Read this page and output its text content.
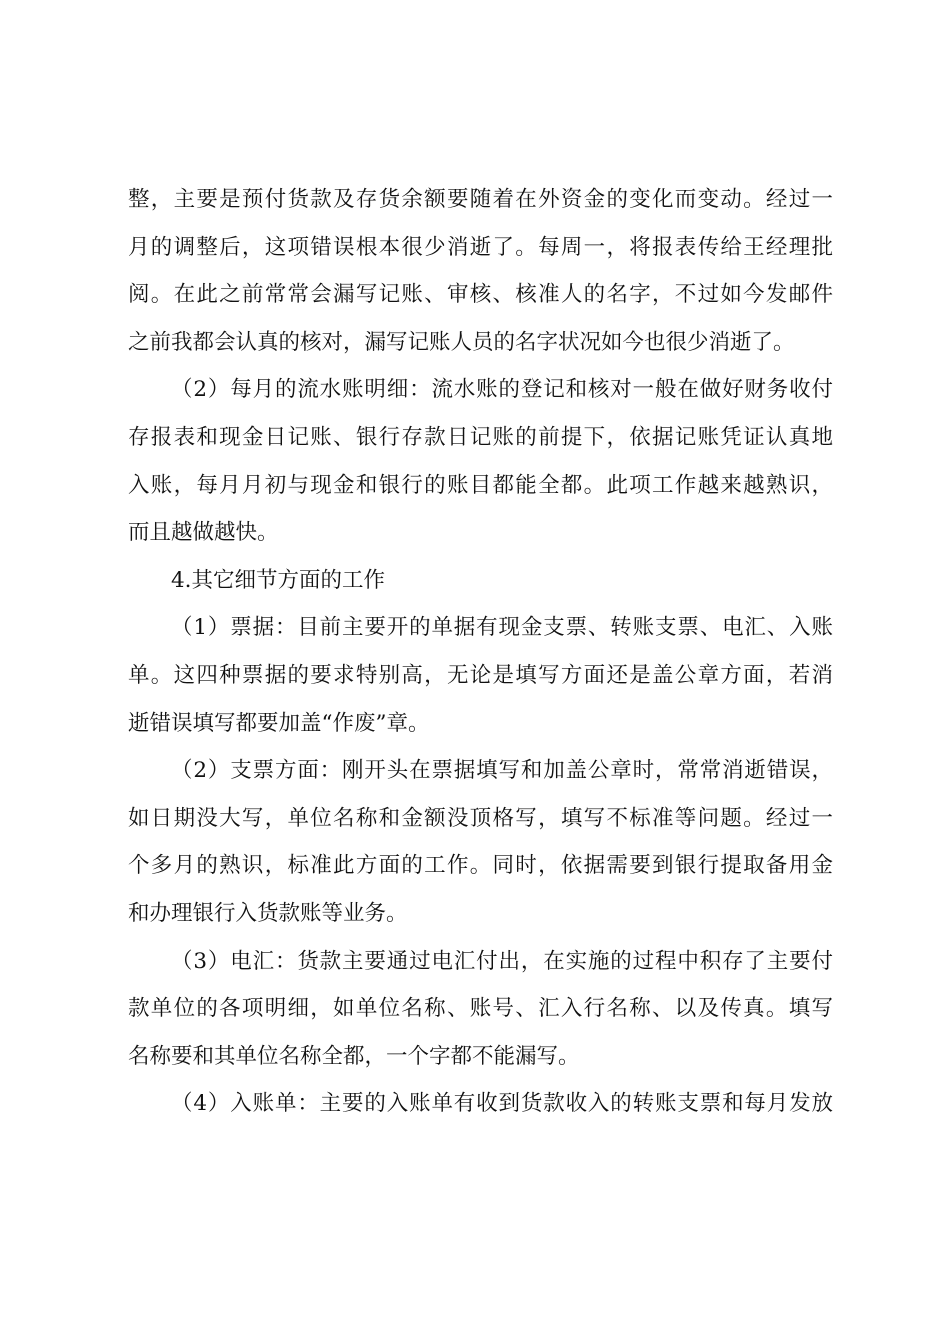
整，主要是预付货款及存货余额要随着在外资金的变化而变动。经过一
月的调整后，这项错误根本很少消逝了。每周一，将报表传给王经理批
阅。在此之前常常会漏写记账、审核、核准人的名字，不过如今发邮件
之前我都会认真的核对，漏写记账人员的名字状况如今也很少消逝了。
（2）每月的流水账明细：流水账的登记和核对一般在做好财务收付
存报表和现金日记账、银行存款日记账的前提下，依据记账凭证认真地
入账，每月月初与现金和银行的账目都能全都。此项工作越来越熟识，
而且越做越快。
4.其它细节方面的工作
（1）票据：目前主要开的单据有现金支票、转账支票、电汇、入账
单。这四种票据的要求特别高，无论是填写方面还是盖公章方面，若消
逝错误填写都要加盖“作废”章。
（2）支票方面：刚开头在票据填写和加盖公章时，常常消逝错误，
如日期没大写，单位名称和金额没顶格写，填写不标准等问题。经过一
个多月的熟识，标准此方面的工作。同时，依据需要到银行提取备用金
和办理银行入货款账等业务。
（3）电汇：货款主要通过电汇付出，在实施的过程中积存了主要付
款单位的各项明细，如单位名称、账号、汇入行名称、以及传真。填写
名称要和其单位名称全都，一个字都不能漏写。
（4）入账单：主要的入账单有收到货款收入的转账支票和每月发放
